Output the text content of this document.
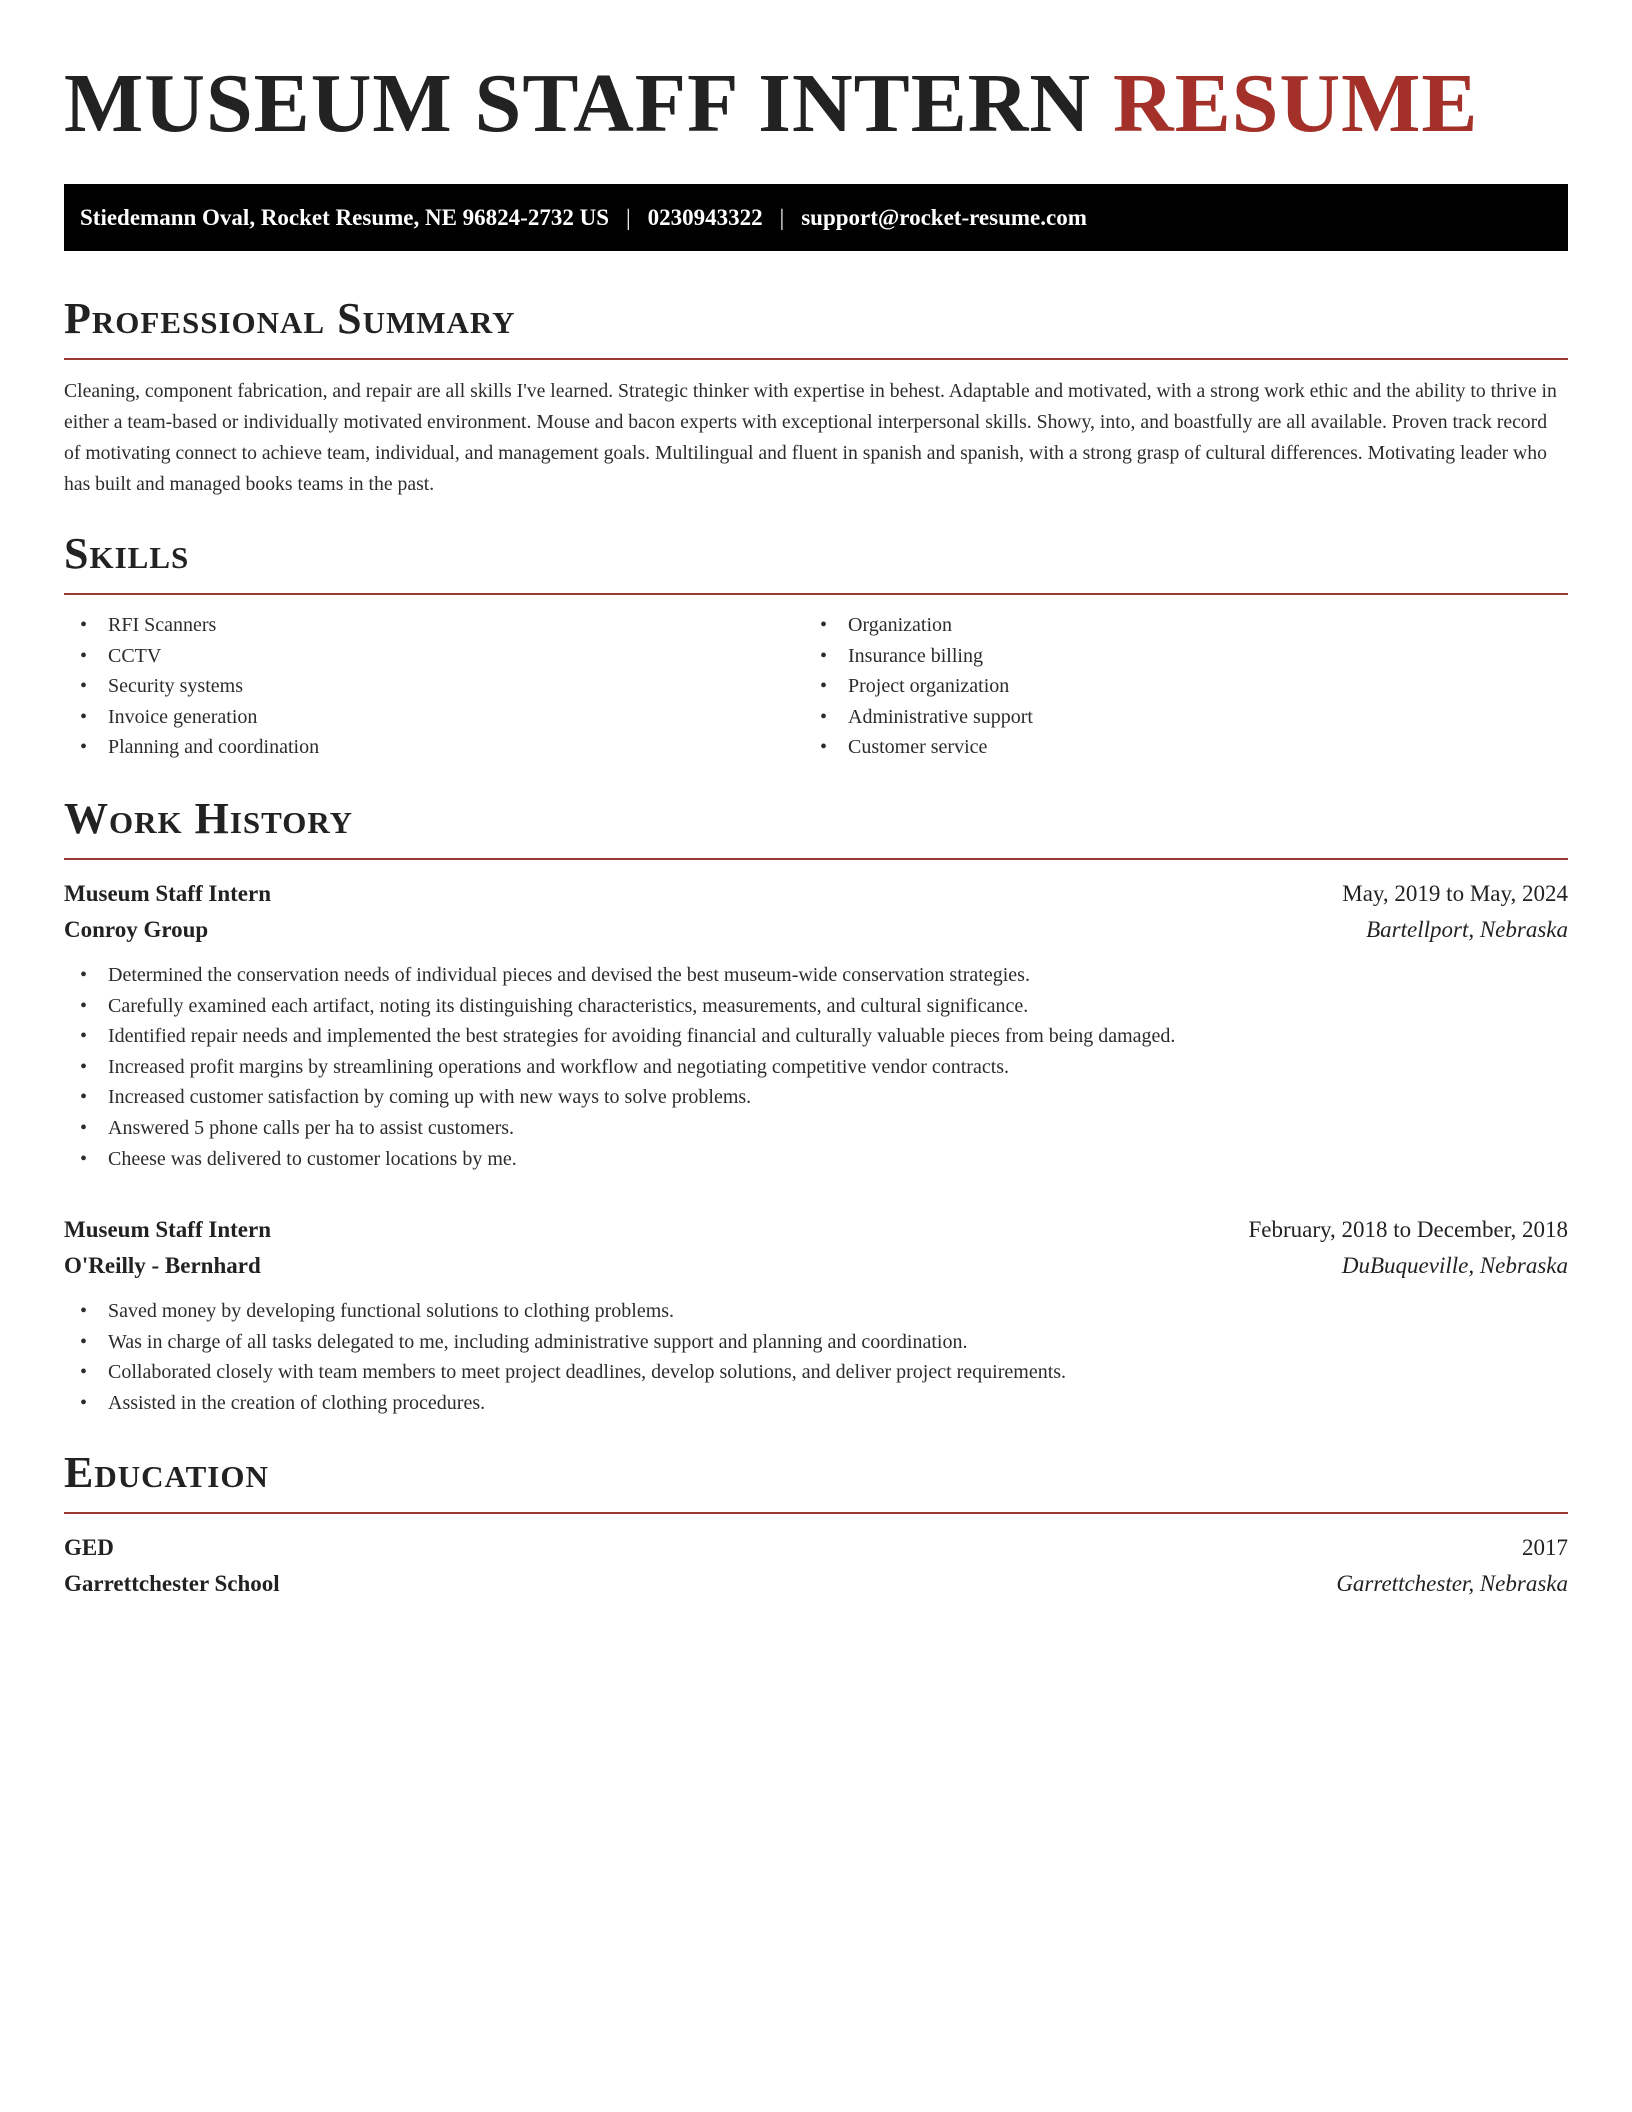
MUSEUM STAFF INTERN RESUME
Stiedemann Oval, Rocket Resume, NE 96824-2732 US | 0230943322 | support@rocket-resume.com
Professional Summary

Cleaning, component fabrication, and repair are all skills I've learned. Strategic thinker with expertise in behest. Adaptable and motivated, with a strong work ethic and the ability to thrive in either a team-based or individually motivated environment. Mouse and bacon experts with exceptional interpersonal skills. Showy, into, and boastfully are all available. Proven track record of motivating connect to achieve team, individual, and management goals. Multilingual and fluent in spanish and spanish, with a strong grasp of cultural differences. Motivating leader who has built and managed books teams in the past.

Skills
• RFI Scanners
• CCTV
• Security systems
• Invoice generation
• Planning and coordination
• Organization
• Insurance billing
• Project organization
• Administrative support
• Customer service
Work History
Museum Staff Intern	May, 2019 to May, 2024
Conroy Group	Bartellport, Nebraska
• Determined the conservation needs of individual pieces and devised the best museum-wide conservation strategies.
• Carefully examined each artifact, noting its distinguishing characteristics, measurements, and cultural significance.
• Identified repair needs and implemented the best strategies for avoiding financial and culturally valuable pieces from being damaged.
• Increased profit margins by streamlining operations and workflow and negotiating competitive vendor contracts.
• Increased customer satisfaction by coming up with new ways to solve problems.
• Answered 5 phone calls per ha to assist customers.
• Cheese was delivered to customer locations by me.
Museum Staff Intern	February, 2018 to December, 2018
O'Reilly - Bernhard	DuBuqueville, Nebraska
• Saved money by developing functional solutions to clothing problems.
• Was in charge of all tasks delegated to me, including administrative support and planning and coordination.
• Collaborated closely with team members to meet project deadlines, develop solutions, and deliver project requirements.
• Assisted in the creation of clothing procedures.
Education
GED	2017
Garrettchester School	Garrettchester, Nebraska
